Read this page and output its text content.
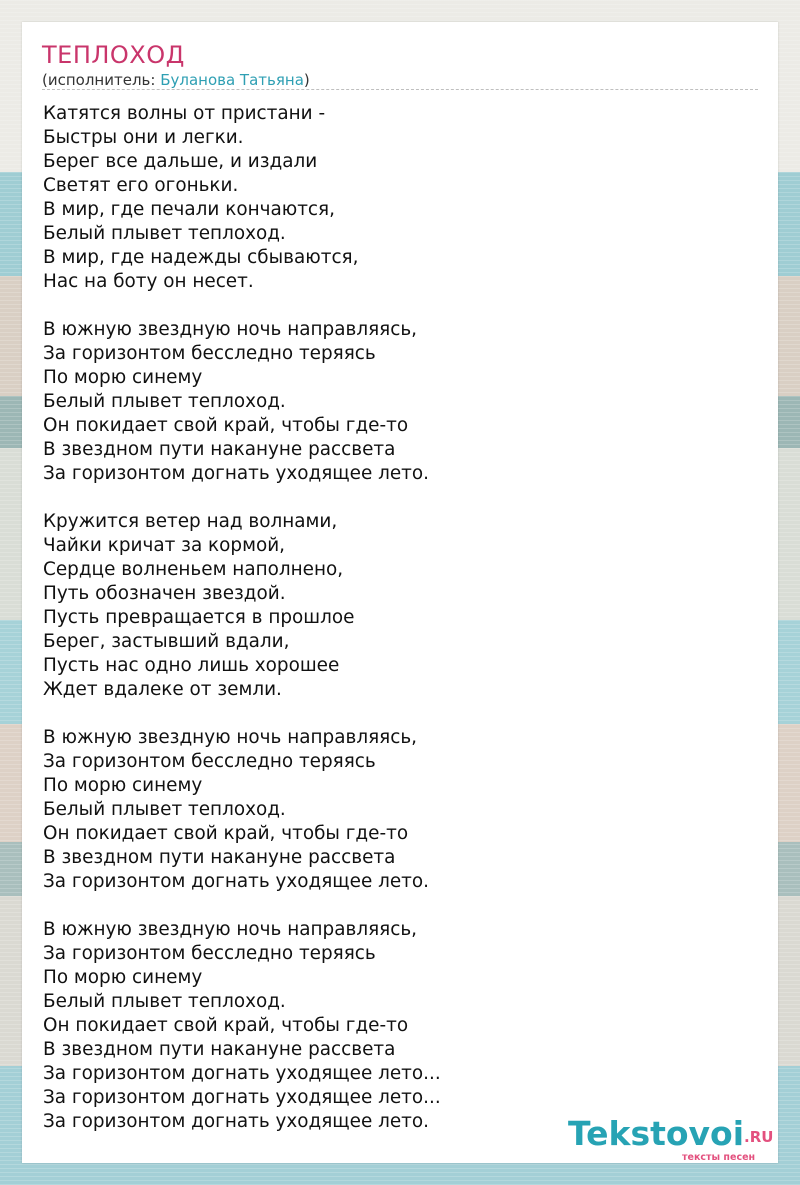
ТЕПЛОХОД
(исполнитель: Буланова Татьяна)
Катятся волны от пристани -
Быстры они и легки.
Берег все дальше, и издали
Светят его огоньки.
В мир, где печали кончаются,
Белый плывет теплоход.
В мир, где надежды сбываются,
Нас на боту он несет.

В южную звездную ночь направляясь,
За горизонтом бесследно теряясь
По морю синему
Белый плывет теплоход.
Он покидает свой край, чтобы где-то
В звездном пути накануне рассвета
За горизонтом догнать уходящее лето.

Кружится ветер над волнами,
Чайки кричат за кормой,
Сердце волненьем наполнено,
Путь обозначен звездой.
Пусть превращается в прошлое
Берег, застывший вдали,
Пусть нас одно лишь хорошее
Ждет вдалеке от земли.

В южную звездную ночь направляясь,
За горизонтом бесследно теряясь
По морю синему
Белый плывет теплоход.
Он покидает свой край, чтобы где-то
В звездном пути накануне рассвета
За горизонтом догнать уходящее лето.

В южную звездную ночь направляясь,
За горизонтом бесследно теряясь
По морю синему
Белый плывет теплоход.
Он покидает свой край, чтобы где-то
В звездном пути накануне рассвета
За горизонтом догнать уходящее лето...
За горизонтом догнать уходящее лето...
За горизонтом догнать уходящее лето.	Tekstovoi .RU
тексты песен
